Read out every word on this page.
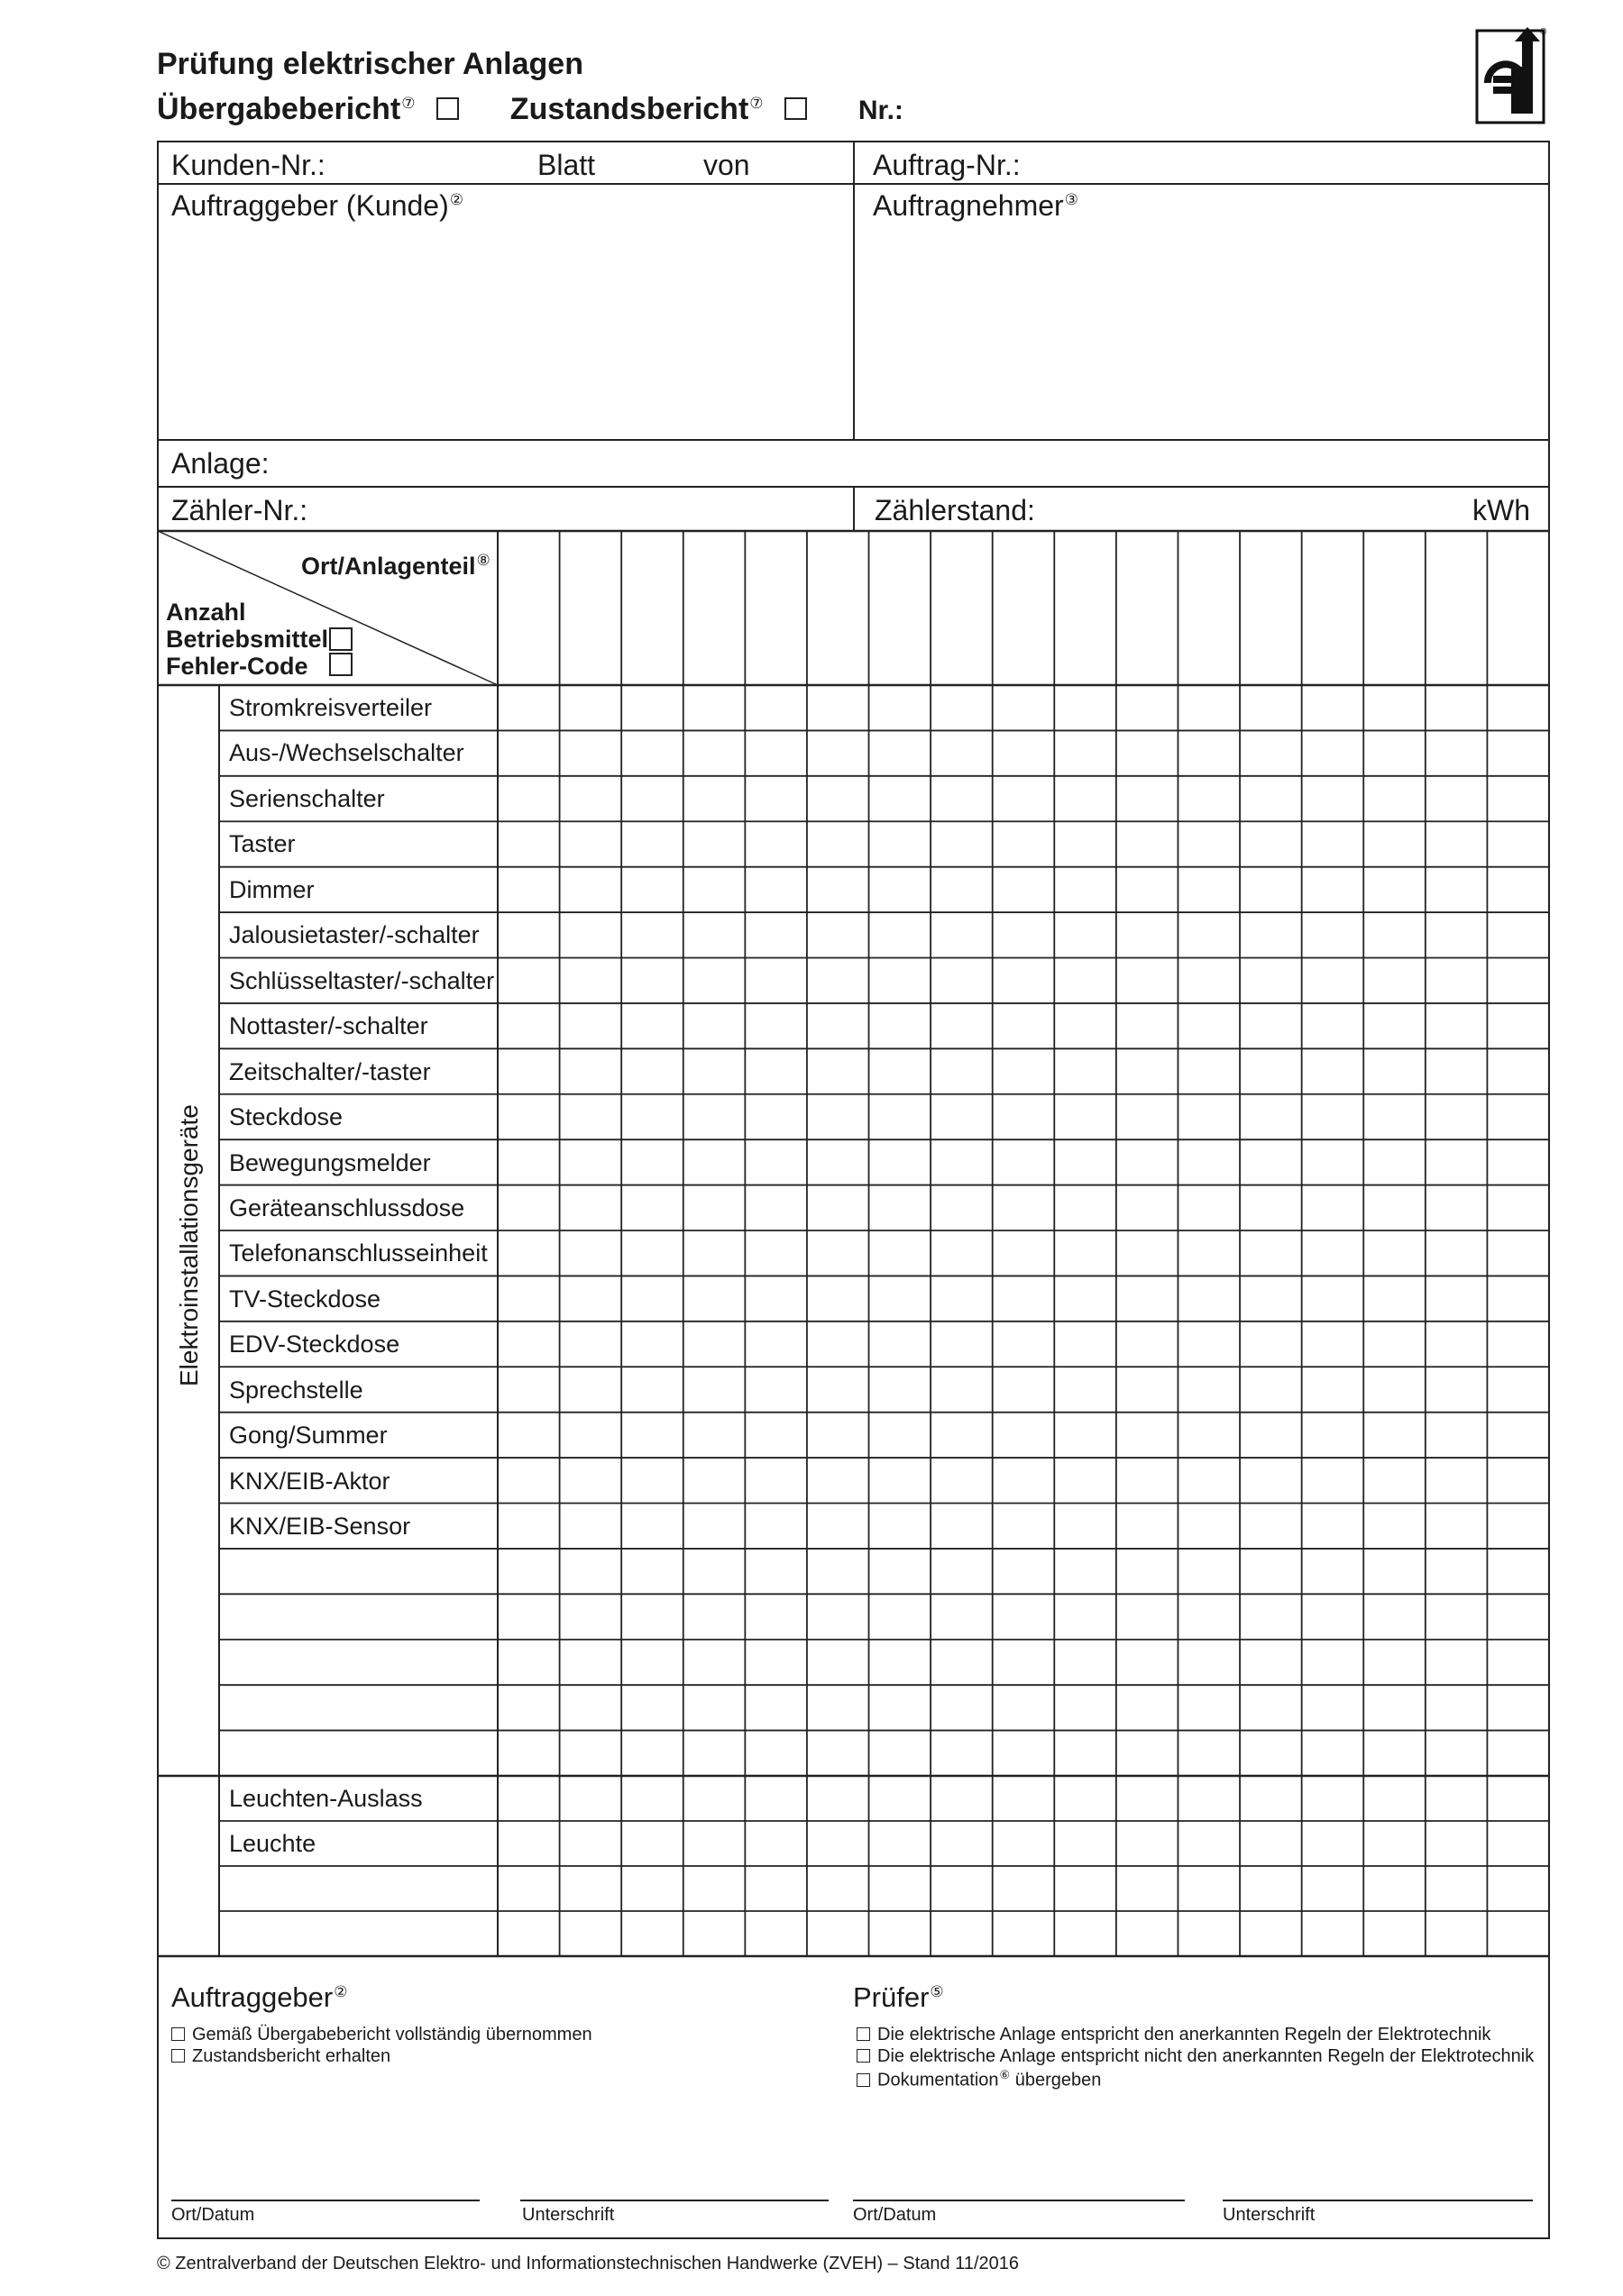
Prüfung elektrischer Anlagen
Übergabebericht⑦	Zustandsbericht⑦	Nr.:
®
Kunden-Nr.:	Blatt	von	Auftrag-Nr.:
Auftraggeber (Kunde)②	Auftragnehmer③
Anlage:
Zähler-Nr.:	Zählerstand:	kWh
Ort/Anlagenteil⑧
Anzahl
Betriebsmittel
Fehler-Code
Elektroinstallationsgeräte
Stromkreisverteiler
Aus-/Wechselschalter
Serienschalter
Taster
Dimmer
Jalousietaster/-schalter
Schlüsseltaster/-schalter
Nottaster/-schalter
Zeitschalter/-taster
Steckdose
Bewegungsmelder
Geräteanschlussdose
Telefonanschlusseinheit
TV-Steckdose
EDV-Steckdose
Sprechstelle
Gong/Summer
KNX/EIB-Aktor
KNX/EIB-Sensor
Leuchten-Auslass
Leuchte
Auftraggeber②
Gemäß Übergabebericht vollständig übernommen
Zustandsbericht erhalten
Prüfer⑤
Die elektrische Anlage entspricht den anerkannten Regeln der Elektrotechnik
Die elektrische Anlage entspricht nicht den anerkannten Regeln der Elektrotechnik
Dokumentation⑥ übergeben
Ort/Datum	Unterschrift	Ort/Datum	Unterschrift
© Zentralverband der Deutschen Elektro- und Informationstechnischen Handwerke (ZVEH) – Stand 11/2016
